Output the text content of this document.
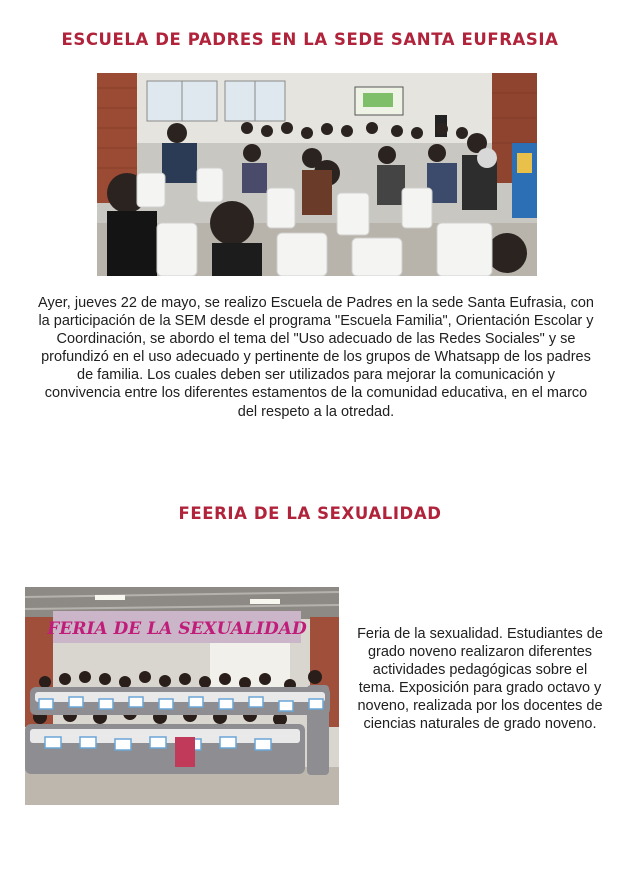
ESCUELA DE PADRES EN LA SEDE SANTA EUFRASIA
Ayer, jueves 22 de mayo, se realizo Escuela de Padres en la sede Santa Eufrasia, con la participación de la SEM desde el programa "Escuela Familia", Orientación Escolar y Coordinación, se abordo el tema del "Uso adecuado de las Redes Sociales" y se profundizó en el uso adecuado y pertinente de los grupos de Whatsapp de los padres de familia. Los cuales deben ser utilizados para mejorar la comunicación y convivencia entre los diferentes estamentos de la comunidad educativa, en el marco del respeto a la otredad.
FEERIA DE LA SEXUALIDAD
FERIA DE LA SEXUALIDAD	Feria de la sexualidad. Estudiantes de grado noveno realizaron diferentes actividades pedagógicas sobre el tema. Exposición para grado octavo y noveno, realizada por los docentes de ciencias naturales de grado noveno.
